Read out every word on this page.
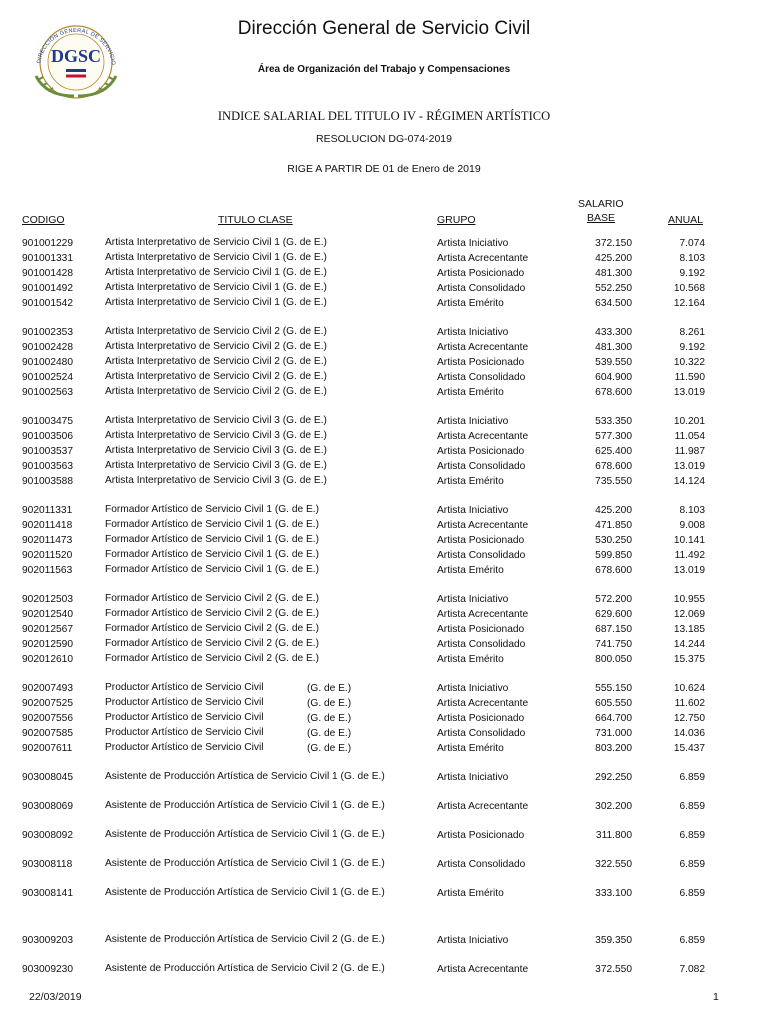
DIRECCIÓN GENERAL DE SERVICIO
DGSC
Dirección General de Servicio Civil
Área de Organización del Trabajo y Compensaciones
INDICE SALARIAL DEL TITULO IV - RÉGIMEN ARTÍSTICO
RESOLUCION DG-074-2019
RIGE A PARTIR DE 01 de Enero de 2019
CODIGO	TITULO CLASE	GRUPO
SALARIO
BASE	ANUAL
901001229	Artista Interpretativo de Servicio Civil 1 (G. de E.)	Artista Iniciativo	372.150	7.074
901001331	Artista Interpretativo de Servicio Civil 1 (G. de E.)	Artista Acrecentante	425.200	8.103
901001428	Artista Interpretativo de Servicio Civil 1 (G. de E.)	Artista Posicionado	481.300	9.192
901001492	Artista Interpretativo de Servicio Civil 1 (G. de E.)	Artista Consolidado	552.250	10.568
901001542	Artista Interpretativo de Servicio Civil 1 (G. de E.)	Artista Emérito	634.500	12.164
901002353	Artista Interpretativo de Servicio Civil 2 (G. de E.)	Artista Iniciativo	433.300	8.261
901002428	Artista Interpretativo de Servicio Civil 2 (G. de E.)	Artista Acrecentante	481.300	9.192
901002480	Artista Interpretativo de Servicio Civil 2 (G. de E.)	Artista Posicionado	539.550	10.322
901002524	Artista Interpretativo de Servicio Civil 2 (G. de E.)	Artista Consolidado	604.900	11.590
901002563	Artista Interpretativo de Servicio Civil 2 (G. de E.)	Artista Emérito	678.600	13.019
901003475	Artista Interpretativo de Servicio Civil 3 (G. de E.)	Artista Iniciativo	533.350	10.201
901003506	Artista Interpretativo de Servicio Civil 3 (G. de E.)	Artista Acrecentante	577.300	11.054
901003537	Artista Interpretativo de Servicio Civil 3 (G. de E.)	Artista Posicionado	625.400	11.987
901003563	Artista Interpretativo de Servicio Civil 3 (G. de E.)	Artista Consolidado	678.600	13.019
901003588	Artista Interpretativo de Servicio Civil 3 (G. de E.)	Artista Emérito	735.550	14.124
902011331	Formador Artístico de Servicio Civil 1 (G. de E.)	Artista Iniciativo	425.200	8.103
902011418	Formador Artístico de Servicio Civil 1 (G. de E.)	Artista Acrecentante	471.850	9.008
902011473	Formador Artístico de Servicio Civil 1 (G. de E.)	Artista Posicionado	530.250	10.141
902011520	Formador Artístico de Servicio Civil 1 (G. de E.)	Artista Consolidado	599.850	11.492
902011563	Formador Artístico de Servicio Civil 1 (G. de E.)	Artista Emérito	678.600	13.019
902012503	Formador Artístico de Servicio Civil 2 (G. de E.)	Artista Iniciativo	572.200	10.955
902012540	Formador Artístico de Servicio Civil 2 (G. de E.)	Artista Acrecentante	629.600	12.069
902012567	Formador Artístico de Servicio Civil 2 (G. de E.)	Artista Posicionado	687.150	13.185
902012590	Formador Artístico de Servicio Civil 2 (G. de E.)	Artista Consolidado	741.750	14.244
902012610	Formador Artístico de Servicio Civil 2 (G. de E.)	Artista Emérito	800.050	15.375
902007493	Productor Artístico de Servicio Civil	(G. de E.)	Artista Iniciativo	555.150	10.624
902007525	Productor Artístico de Servicio Civil	(G. de E.)	Artista Acrecentante	605.550	11.602
902007556	Productor Artístico de Servicio Civil	(G. de E.)	Artista Posicionado	664.700	12.750
902007585	Productor Artístico de Servicio Civil	(G. de E.)	Artista Consolidado	731.000	14.036
902007611	Productor Artístico de Servicio Civil	(G. de E.)	Artista Emérito	803.200	15.437
903008045	Asistente de Producción Artística de Servicio Civil 1 (G. de E.)	Artista Iniciativo	292.250	6.859
903008069	Asistente de Producción Artística de Servicio Civil 1 (G. de E.)	Artista Acrecentante	302.200	6.859
903008092	Asistente de Producción Artística de Servicio Civil 1 (G. de E.)	Artista Posicionado	311.800	6.859
903008118	Asistente de Producción Artística de Servicio Civil 1 (G. de E.)	Artista Consolidado	322.550	6.859
903008141	Asistente de Producción Artística de Servicio Civil 1 (G. de E.)	Artista Emérito	333.100	6.859
903009203	Asistente de Producción Artística de Servicio Civil 2 (G. de E.)	Artista Iniciativo	359.350	6.859
903009230	Asistente de Producción Artística de Servicio Civil 2 (G. de E.)	Artista Acrecentante	372.550	7.082
22/03/2019	1
